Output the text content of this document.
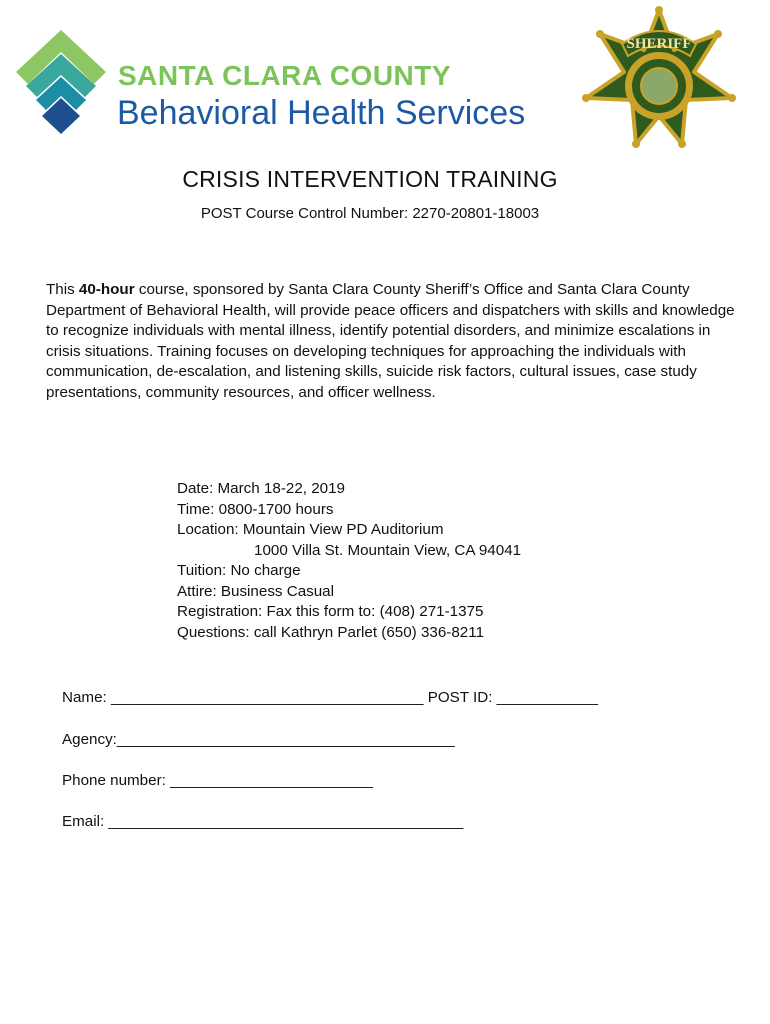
SANTA CLARA COUNTY
Behavioral Health Services
SHERIFF
CRISIS INTERVENTION TRAINING
POST Course Control Number: 2270-20801-18003

This 40-hour course, sponsored by Santa Clara County Sheriff’s Office and Santa Clara County Department of Behavioral Health, will provide peace officers and dispatchers with skills and knowledge to recognize individuals with mental illness, identify potential disorders, and minimize escalations in crisis situations. Training focuses on developing techniques for approaching the individuals with communication, de-escalation, and listening skills, suicide risk factors, cultural issues, case study presentations, community resources, and officer wellness.

Date: March 18-22, 2019
Time: 0800-1700 hours
Location: Mountain View PD Auditorium
1000 Villa St. Mountain View, CA 94041
Tuition: No charge
Attire: Business Casual
Registration: Fax this form to: (408) 271-1375
Questions: call Kathryn Parlet (650) 336-8211
Name: _____________________________________ POST ID: ____________
Agency:________________________________________
Phone number: ________________________
Email: __________________________________________
